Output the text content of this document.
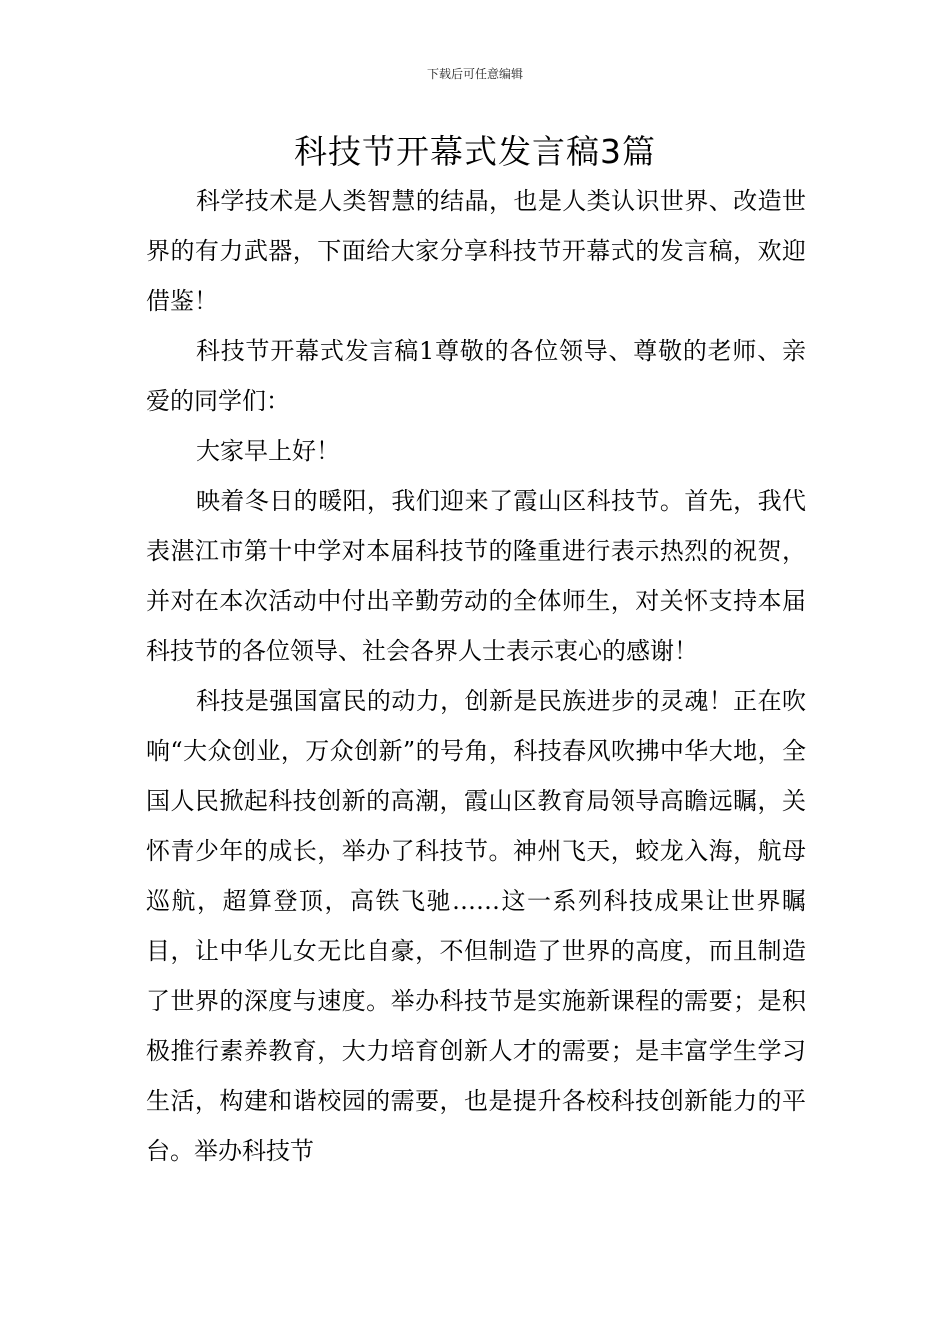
下载后可任意编辑
科技节开幕式发言稿3篇

科学技术是人类智慧的结晶，也是人类认识世界、改造世界的有力武器，下面给大家分享科技节开幕式的发言稿，欢迎借鉴！

科技节开幕式发言稿1尊敬的各位领导、尊敬的老师、亲爱的同学们：

大家早上好！

映着冬日的暖阳，我们迎来了霞山区科技节。首先，我代表湛江市第十中学对本届科技节的隆重进行表示热烈的祝贺，并对在本次活动中付出辛勤劳动的全体师生，对关怀支持本届科技节的各位领导、社会各界人士表示衷心的感谢！

科技是强国富民的动力，创新是民族进步的灵魂！正在吹响“大众创业，万众创新”的号角，科技春风吹拂中华大地，全国人民掀起科技创新的高潮，霞山区教育局领导高瞻远瞩，关怀青少年的成长，举办了科技节。神州飞天，蛟龙入海，航母巡航，超算登顶，高铁飞驰……这一系列科技成果让世界瞩目，让中华儿女无比自豪，不但制造了世界的高度，而且制造了世界的深度与速度。举办科技节是实施新课程的需要；是积极推行素养教育，大力培育创新人才的需要；是丰富学生学习生活，构建和谐校园的需要，也是提升各校科技创新能力的平台。举办科技节
